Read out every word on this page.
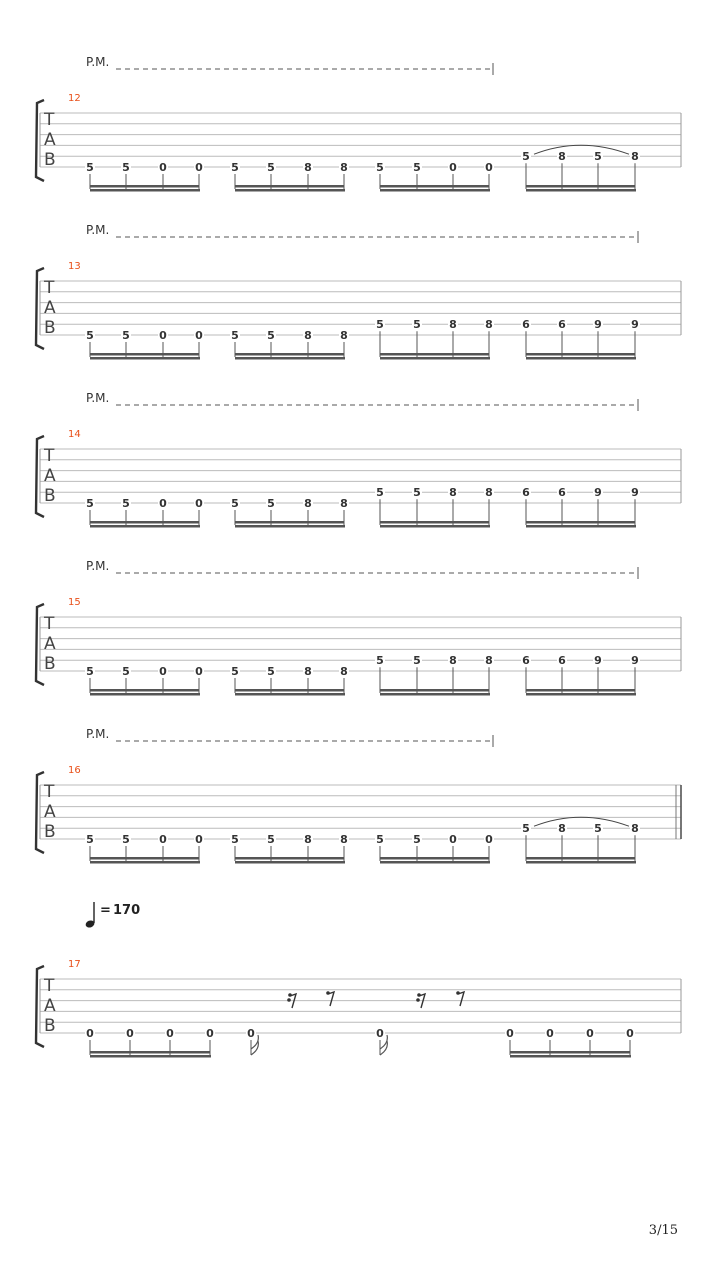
P.M.
12
T
A
B	5	5	0	0	5	5	8	8	5	5	0	0
5	8	5	8
P.M.
13
T
A
B	5	5	0	0	5	5	8	8
5	5	8	8	6	6	9	9
P.M.
14
T
A
B	5	5	0	0	5	5	8	8
5	5	8	8	6	6	9	9
P.M.
15
T
A
B	5	5	0	0	5	5	8	8
5	5	8	8	6	6	9	9
P.M.
16
T
A
B	5	5	0	0	5	5	8	8	5	5	0	0
5	8	5	8
= 170
17
T
A
B	0	0	0	0	0	0	0	0
0	0
3/15
